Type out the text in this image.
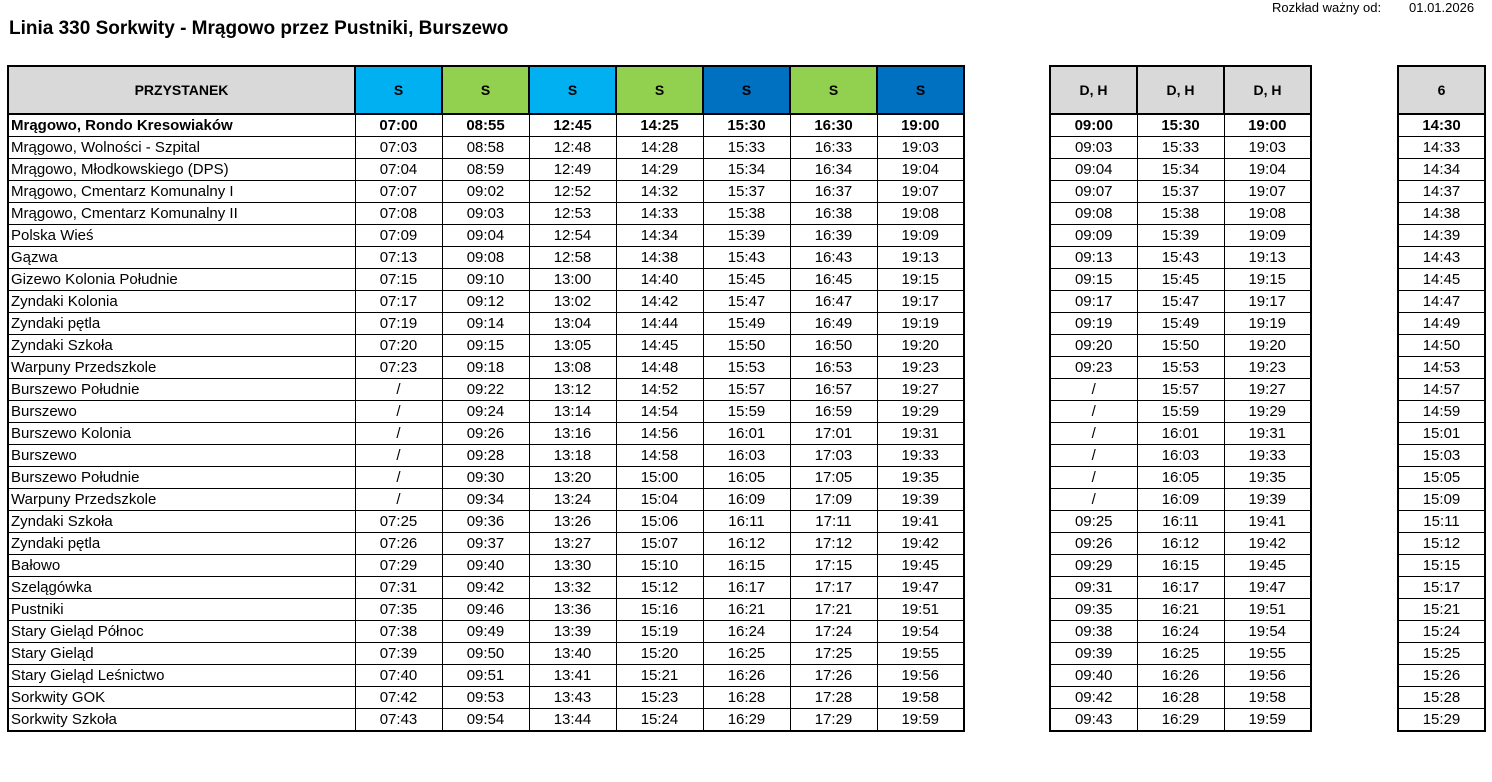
Linia 330 Sorkwity - Mrągowo przez Pustniki, Burszewo
Rozkład ważny od: 01.01.2026
PRZYSTANEK	S	S	S	S	S	S	S
Mrągowo, Rondo Kresowiaków	07:00	08:55	12:45	14:25	15:30	16:30	19:00
Mrągowo, Wolności - Szpital	07:03	08:58	12:48	14:28	15:33	16:33	19:03
Mrągowo, Młodkowskiego (DPS)	07:04	08:59	12:49	14:29	15:34	16:34	19:04
Mrągowo, Cmentarz Komunalny I	07:07	09:02	12:52	14:32	15:37	16:37	19:07
Mrągowo, Cmentarz Komunalny II	07:08	09:03	12:53	14:33	15:38	16:38	19:08
Polska Wieś	07:09	09:04	12:54	14:34	15:39	16:39	19:09
Gązwa	07:13	09:08	12:58	14:38	15:43	16:43	19:13
Gizewo Kolonia Południe	07:15	09:10	13:00	14:40	15:45	16:45	19:15
Zyndaki Kolonia	07:17	09:12	13:02	14:42	15:47	16:47	19:17
Zyndaki pętla	07:19	09:14	13:04	14:44	15:49	16:49	19:19
Zyndaki Szkoła	07:20	09:15	13:05	14:45	15:50	16:50	19:20
Warpuny Przedszkole	07:23	09:18	13:08	14:48	15:53	16:53	19:23
Burszewo Południe	/	09:22	13:12	14:52	15:57	16:57	19:27
Burszewo	/	09:24	13:14	14:54	15:59	16:59	19:29
Burszewo Kolonia	/	09:26	13:16	14:56	16:01	17:01	19:31
Burszewo	/	09:28	13:18	14:58	16:03	17:03	19:33
Burszewo Południe	/	09:30	13:20	15:00	16:05	17:05	19:35
Warpuny Przedszkole	/	09:34	13:24	15:04	16:09	17:09	19:39
Zyndaki Szkoła	07:25	09:36	13:26	15:06	16:11	17:11	19:41
Zyndaki pętla	07:26	09:37	13:27	15:07	16:12	17:12	19:42
Bałowo	07:29	09:40	13:30	15:10	16:15	17:15	19:45
Szelągówka	07:31	09:42	13:32	15:12	16:17	17:17	19:47
Pustniki	07:35	09:46	13:36	15:16	16:21	17:21	19:51
Stary Gieląd Północ	07:38	09:49	13:39	15:19	16:24	17:24	19:54
Stary Gieląd	07:39	09:50	13:40	15:20	16:25	17:25	19:55
Stary Gieląd Leśnictwo	07:40	09:51	13:41	15:21	16:26	17:26	19:56
Sorkwity GOK	07:42	09:53	13:43	15:23	16:28	17:28	19:58
Sorkwity Szkoła	07:43	09:54	13:44	15:24	16:29	17:29	19:59
D, H	D, H	D, H
09:00	15:30	19:00
09:03	15:33	19:03
09:04	15:34	19:04
09:07	15:37	19:07
09:08	15:38	19:08
09:09	15:39	19:09
09:13	15:43	19:13
09:15	15:45	19:15
09:17	15:47	19:17
09:19	15:49	19:19
09:20	15:50	19:20
09:23	15:53	19:23
/	15:57	19:27
/	15:59	19:29
/	16:01	19:31
/	16:03	19:33
/	16:05	19:35
/	16:09	19:39
09:25	16:11	19:41
09:26	16:12	19:42
09:29	16:15	19:45
09:31	16:17	19:47
09:35	16:21	19:51
09:38	16:24	19:54
09:39	16:25	19:55
09:40	16:26	19:56
09:42	16:28	19:58
09:43	16:29	19:59
6
14:30
14:33
14:34
14:37
14:38
14:39
14:43
14:45
14:47
14:49
14:50
14:53
14:57
14:59
15:01
15:03
15:05
15:09
15:11
15:12
15:15
15:17
15:21
15:24
15:25
15:26
15:28
15:29
